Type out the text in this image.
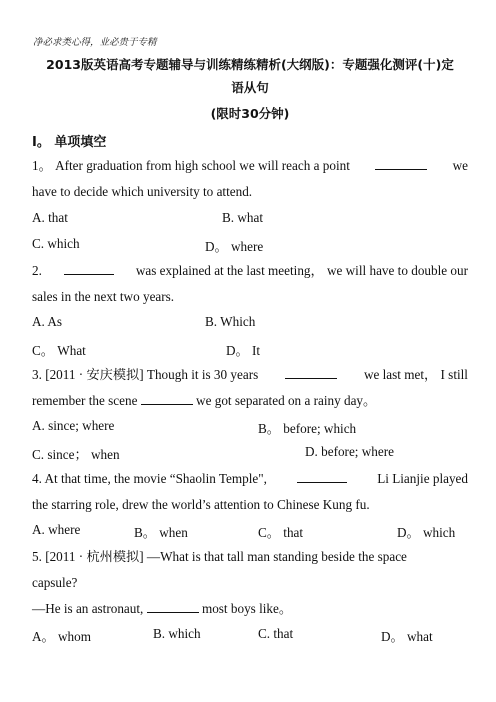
净必求类心得，业必贵于专精
2013版英语高考专题辅导与训练精练精析(大纲版)：专题强化测评(十)定
语从句
(限时30分钟)
Ⅰ。 单项填空
1。 After graduation from high school we will reach a point	we
have to decide which university to attend.
A. that	B. what
C. which	D。 where
2.	was explained at the last meeting， we will have to double our
sales in the next two years.
A. As	B. Which
C。 What	D。 It
3. [2011 · 安庆模拟] Though it is 30 years	we last met， I still
remember the scene	we got separated on a rainy day。
A. since; where	B。 before; which
C. since； when	D. before; where
4. At that time, the movie “Shaolin Temple",	Li Lianjie played
the starring role, drew the world’s attention to Chinese Kung fu.
A. where	B。 when	C。 that	D。 which
5. [2011 · 杭州模拟] —What is that tall man standing beside the space
capsule?
—He is an astronaut,	most boys like。
A。 whom	B. which	C. that	D。 what
